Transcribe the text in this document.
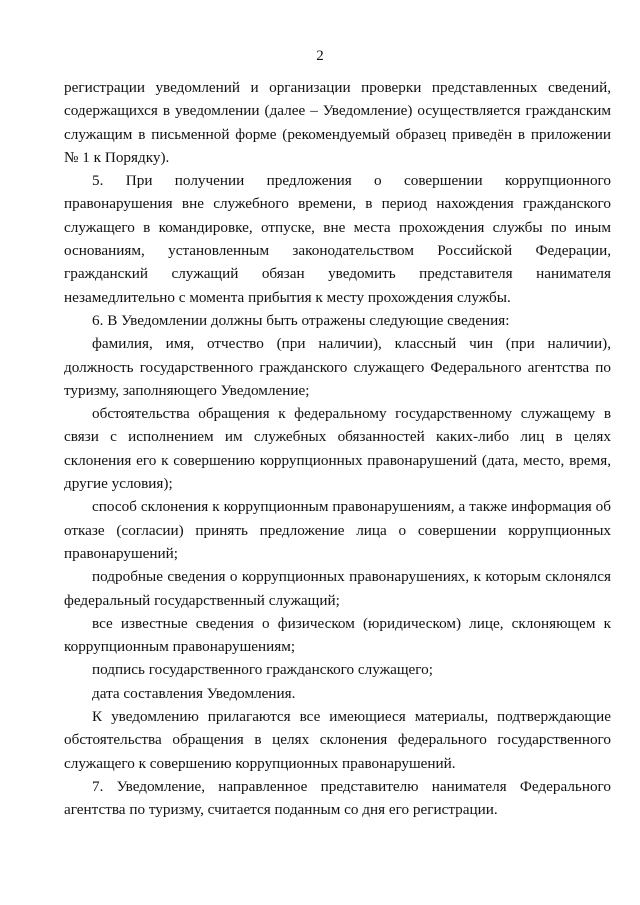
2

регистрации уведомлений и организации проверки представленных сведений, содержащихся в уведомлении (далее – Уведомление) осуществляется гражданским служащим в письменной форме (рекомендуемый образец приведён в приложении № 1 к Порядку).

5. При получении предложения о совершении коррупционного правонарушения вне служебного времени, в период нахождения гражданского служащего в командировке, отпуске, вне места прохождения службы по иным основаниям, установленным законодательством Российской Федерации, гражданский служащий обязан уведомить представителя нанимателя незамедлительно с момента прибытия к месту прохождения службы.

6. В Уведомлении должны быть отражены следующие сведения:

фамилия, имя, отчество (при наличии), классный чин (при наличии), должность государственного гражданского служащего Федерального агентства по туризму, заполняющего Уведомление;

обстоятельства обращения к федеральному государственному служащему в связи с исполнением им служебных обязанностей каких-либо лиц в целях склонения его к совершению коррупционных правонарушений (дата, место, время, другие условия);

способ склонения к коррупционным правонарушениям, а также информация об отказе (согласии) принять предложение лица о совершении коррупционных правонарушений;

подробные сведения о коррупционных правонарушениях, к которым склонялся федеральный государственный служащий;

все известные сведения о физическом (юридическом) лице, склоняющем к коррупционным правонарушениям;

подпись государственного гражданского служащего;

дата составления Уведомления.

К уведомлению прилагаются все имеющиеся материалы, подтверждающие обстоятельства обращения в целях склонения федерального государственного служащего к совершению коррупционных правонарушений.

7. Уведомление, направленное представителю нанимателя Федерального агентства по туризму, считается поданным со дня его регистрации.
